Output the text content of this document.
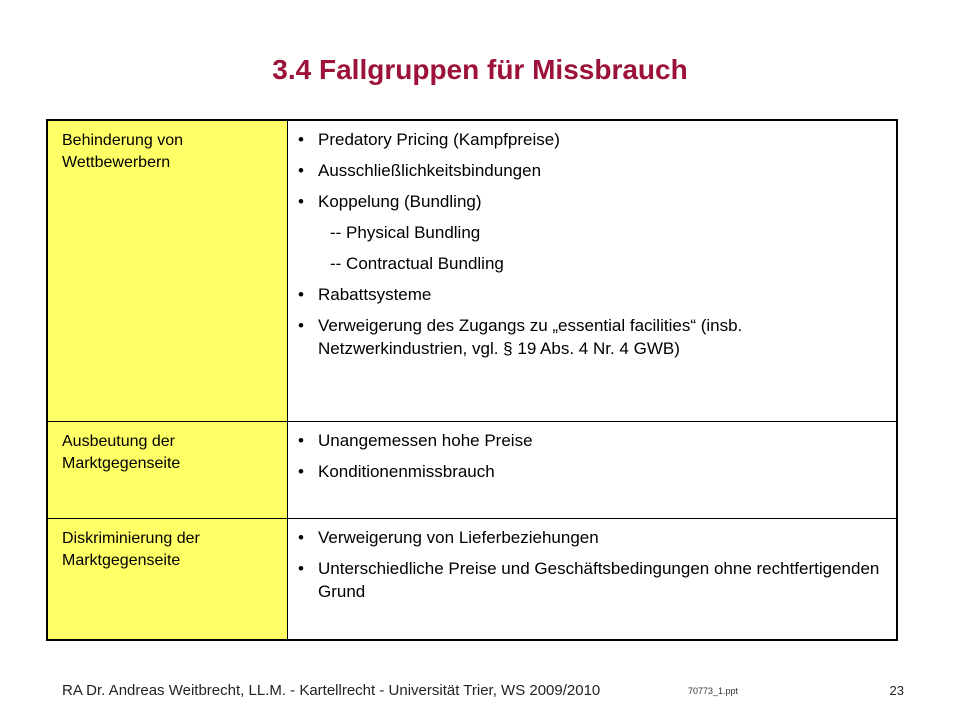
3.4 Fallgruppen für Missbrauch
Behinderung von Wettbewerbern
• Predatory Pricing (Kampfpreise)
• Ausschließlichkeitsbindungen
• Koppelung (Bundling)
-- Physical Bundling
-- Contractual Bundling
• Rabattsysteme
• Verweigerung des Zugangs zu „essential facilities“ (insb. Netzwerkindustrien, vgl. § 19 Abs. 4 Nr. 4 GWB)
Ausbeutung der Marktgegenseite
• Unangemessen hohe Preise
• Konditionenmissbrauch
Diskriminierung der Marktgegenseite
• Verweigerung von Lieferbeziehungen
• Unterschiedliche Preise und Geschäftsbedingungen ohne rechtfertigenden Grund
RA Dr. Andreas Weitbrecht, LL.M. - Kartellrecht - Universität Trier, WS 2009/2010	70773_1.ppt	23
